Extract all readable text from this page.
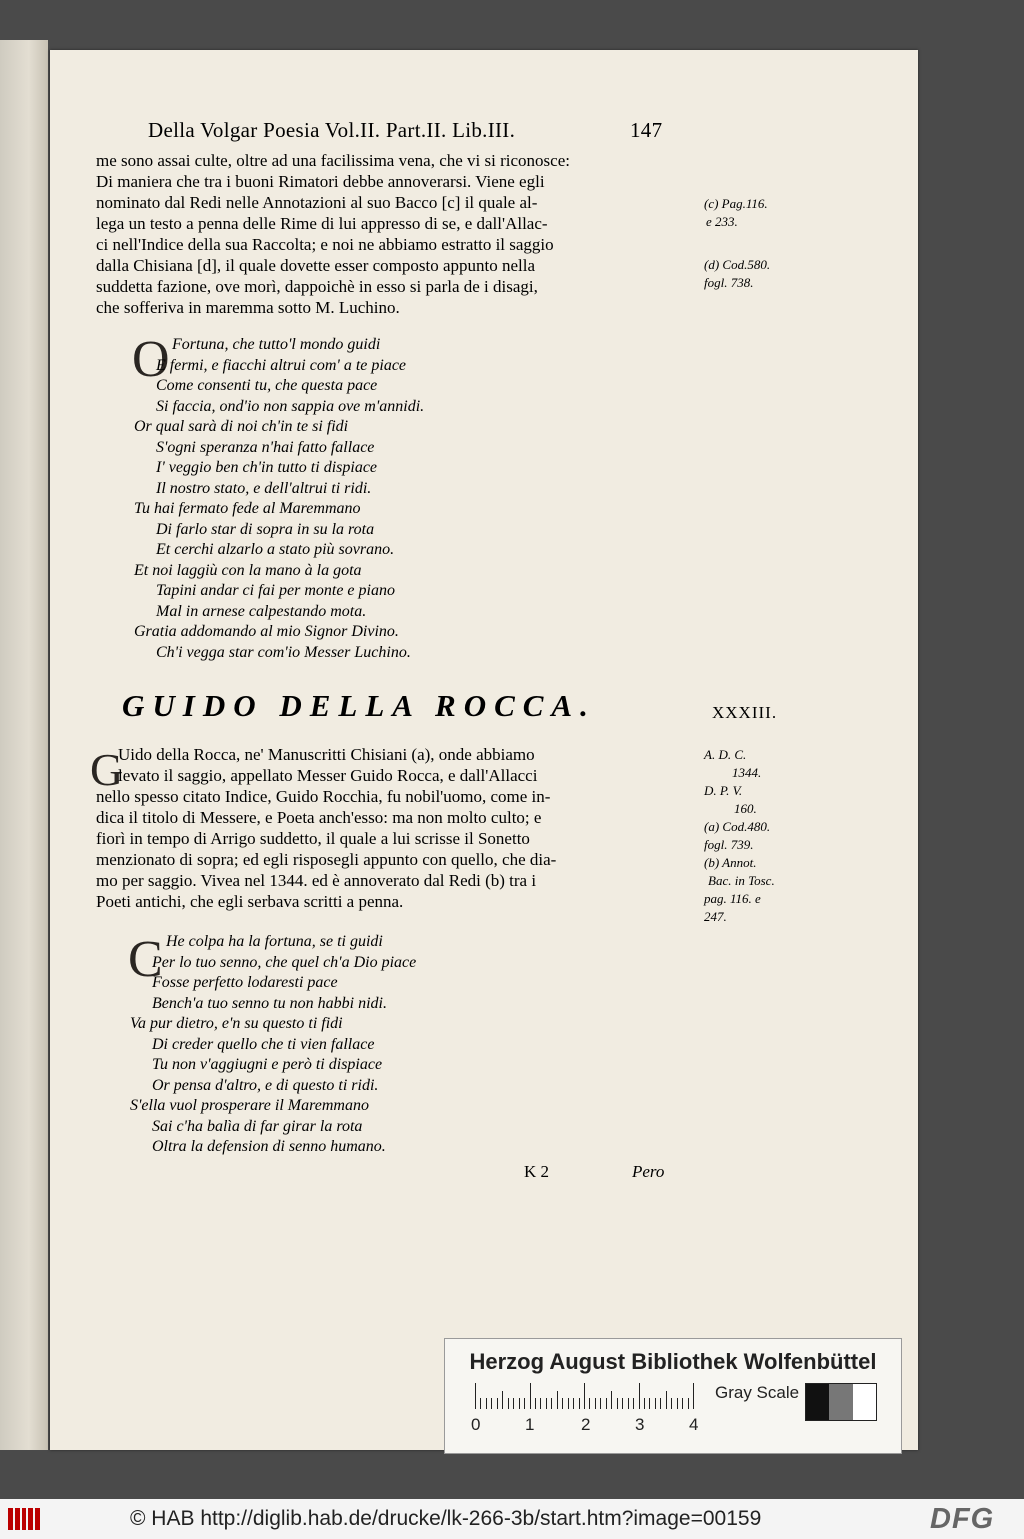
Della Volgar Poesia Vol.II. Part.II. Lib.III.	147
me sono assai culte, oltre ad una facilissima vena, che vi si riconosce:
Di maniera che tra i buoni Rimatori debbe annoverarsi. Viene egli
nominato dal Redi nelle Annotazioni al suo Bacco [c] il quale al-
lega un testo a penna delle Rime di lui appresso di se, e dall'Allac-
ci nell'Indice della sua Raccolta; e noi ne abbiamo estratto il saggio
dalla Chisiana [d], il quale dovette esser composto appunto nella
suddetta fazione, ove morì, dappoichè in esso si parla de i disagi,
che sofferiva in maremma sotto M. Luchino.
(c) Pag.116.
e 233.
(d) Cod.580.
fogl. 738.
O Fortuna, che tutto'l mondo guidi
E fermi, e fiacchi altrui com' a te piace
Come consenti tu, che questa pace
Si faccia, ond'io non sappia ove m'annidi.
Or qual sarà di noi ch'in te si fidi
S'ogni speranza n'hai fatto fallace
I' veggio ben ch'in tutto ti dispiace
Il nostro stato, e dell'altrui ti ridi.
Tu hai fermato fede al Maremmano
Di farlo star di sopra in su la rota
Et cerchi alzarlo a stato più sovrano.
Et noi laggiù con la mano à la gota
Tapini andar ci fai per monte e piano
Mal in arnese calpestando mota.
Gratia addomando al mio Signor Divino.
Ch'i vegga star com'io Messer Luchino.
GUIDO DELLA ROCCA.	XXXIII.
G
Uido della Rocca, ne' Manuscritti Chisiani (a), onde abbiamo
levato il saggio, appellato Messer Guido Rocca, e dall'Allacci
nello spesso citato Indice, Guido Rocchia, fu nobil'uomo, come in-
dica il titolo di Messere, e Poeta anch'esso: ma non molto culto; e
fiorì in tempo di Arrigo suddetto, il quale a lui scrisse il Sonetto
menzionato di sopra; ed egli risposegli appunto con quello, che dia-
mo per saggio. Vivea nel 1344. ed è annoverato dal Redi (b) tra i
Poeti antichi, che egli serbava scritti a penna.
A. D. C.
1344.
D. P. V.
160.
(a) Cod.480.
fogl. 739.
(b) Annot.
Bac. in Tosc.
pag. 116. e
247.
C He colpa ha la fortuna, se ti guidi
Per lo tuo senno, che quel ch'a Dio piace
Fosse perfetto lodaresti pace
Bench'a tuo senno tu non habbi nidi.
Va pur dietro, e'n su questo ti fidi
Di creder quello che ti vien fallace
Tu non v'aggiugni e però ti dispiace
Or pensa d'altro, e di questo ti ridi.
S'ella vuol prosperare il Maremmano
Sai c'ha balìa di far girar la rota
Oltra la defension di senno humano.
K 2	Pero
Herzog August Bibliothek Wolfenbüttel
0	1	2	3	4
Gray Scale
© HAB http://diglib.hab.de/drucke/lk-266-3b/start.htm?image=00159	DFG
